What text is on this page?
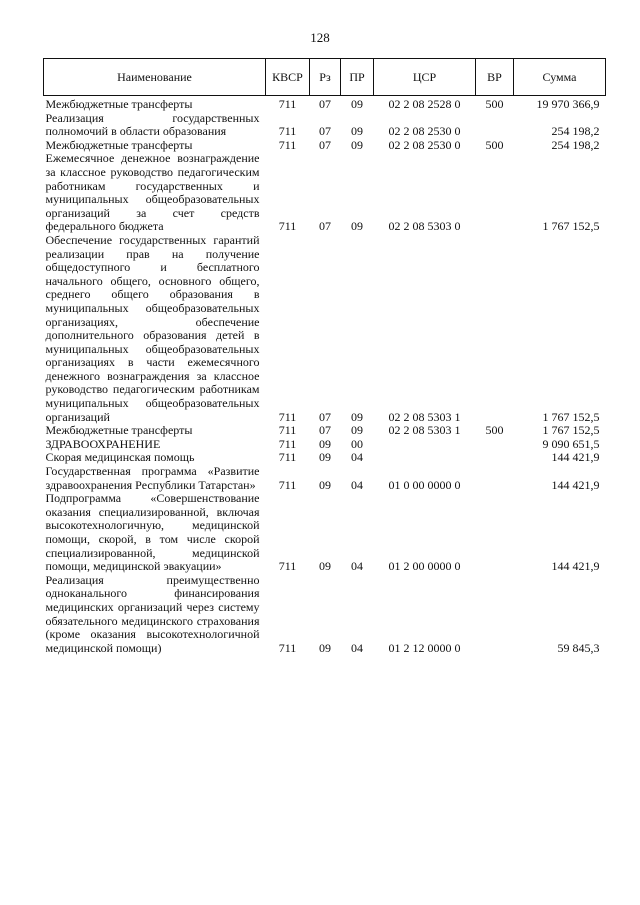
128
Наименование	КВСР	Рз	ПР	ЦСР	ВР	Сумма
Межбюджетные трансферты	711	07	09	02 2 08 2528 0	500	19 970 366,9
Реализация государственных полномочий в области образования	711	07	09	02 2 08 2530 0		254 198,2
Межбюджетные трансферты	711	07	09	02 2 08 2530 0	500	254 198,2
Ежемесячное денежное вознаграждение за классное руководство педагогическим работникам государственных и муниципальных общеобразовательных организаций за счет средств федерального бюджета	711	07	09	02 2 08 5303 0		1 767 152,5
Обеспечение государственных гарантий реализации прав на получение общедоступного и бесплатного начального общего, основного общего, среднего общего образования в муниципальных общеобразовательных организациях, обеспечение дополнительного образования детей в муниципальных общеобразовательных организациях в части ежемесячного денежного вознаграждения за классное руководство педагогическим работникам муниципальных общеобразовательных организаций	711	07	09	02 2 08 5303 1		1 767 152,5
Межбюджетные трансферты	711	07	09	02 2 08 5303 1	500	1 767 152,5
ЗДРАВООХРАНЕНИЕ	711	09	00			9 090 651,5
Скорая медицинская помощь	711	09	04			144 421,9
Государственная программа «Развитие здравоохранения Республики Татарстан»	711	09	04	01 0 00 0000 0		144 421,9
Подпрограмма «Совершенствование оказания специализированной, включая высокотехнологичную, медицинской помощи, скорой, в том числе скорой специализированной, медицинской помощи, медицинской эвакуации»	711	09	04	01 2 00 0000 0		144 421,9
Реализация преимущественно одноканального финансирования медицинских организаций через систему обязательного медицинского страхования (кроме оказания высокотехнологичной медицинской помощи)	711	09	04	01 2 12 0000 0		59 845,3
